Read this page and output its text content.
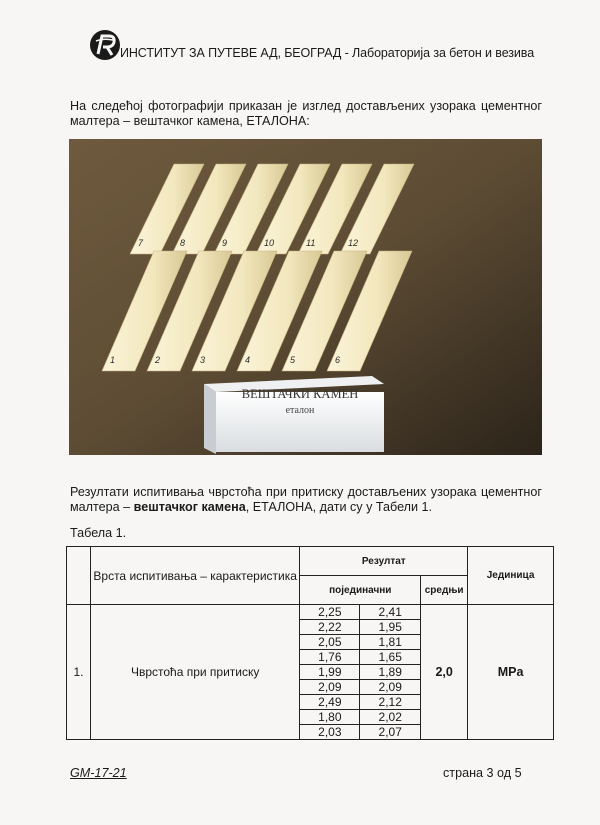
ИНСТИТУТ ЗА ПУТЕВЕ АД, БЕОГРАД - Лабораторија за бетон и везива
На следећој фотографији приказан је изглед достављених узорака цементног малтера – вештачког камена, ЕТАЛОНА:
7	8	9	10	11	12
1	2	3	4	5	6
ВЕШТАЧКИ КАМЕН
еталон
Резултати испитивања чврстоћа при притиску достављених узорака цементног малтера – вештачког камена, ЕТАЛОНА, дати су у Табели 1.
Табела 1.
	Врста испитивања – карактеристика	Резултат			Јединица
		појединачни		средњи	
1.	Чврстоћа при притиску	2,25	2,41	2,0	MPa
		2,22	1,95		
		2,05	1,81		
		1,76	1,65		
		1,99	1,89		
		2,09	2,09		
		2,49	2,12		
		1,80	2,02		
		2,03	2,07		
GM-17-21	страна 3 од 5
